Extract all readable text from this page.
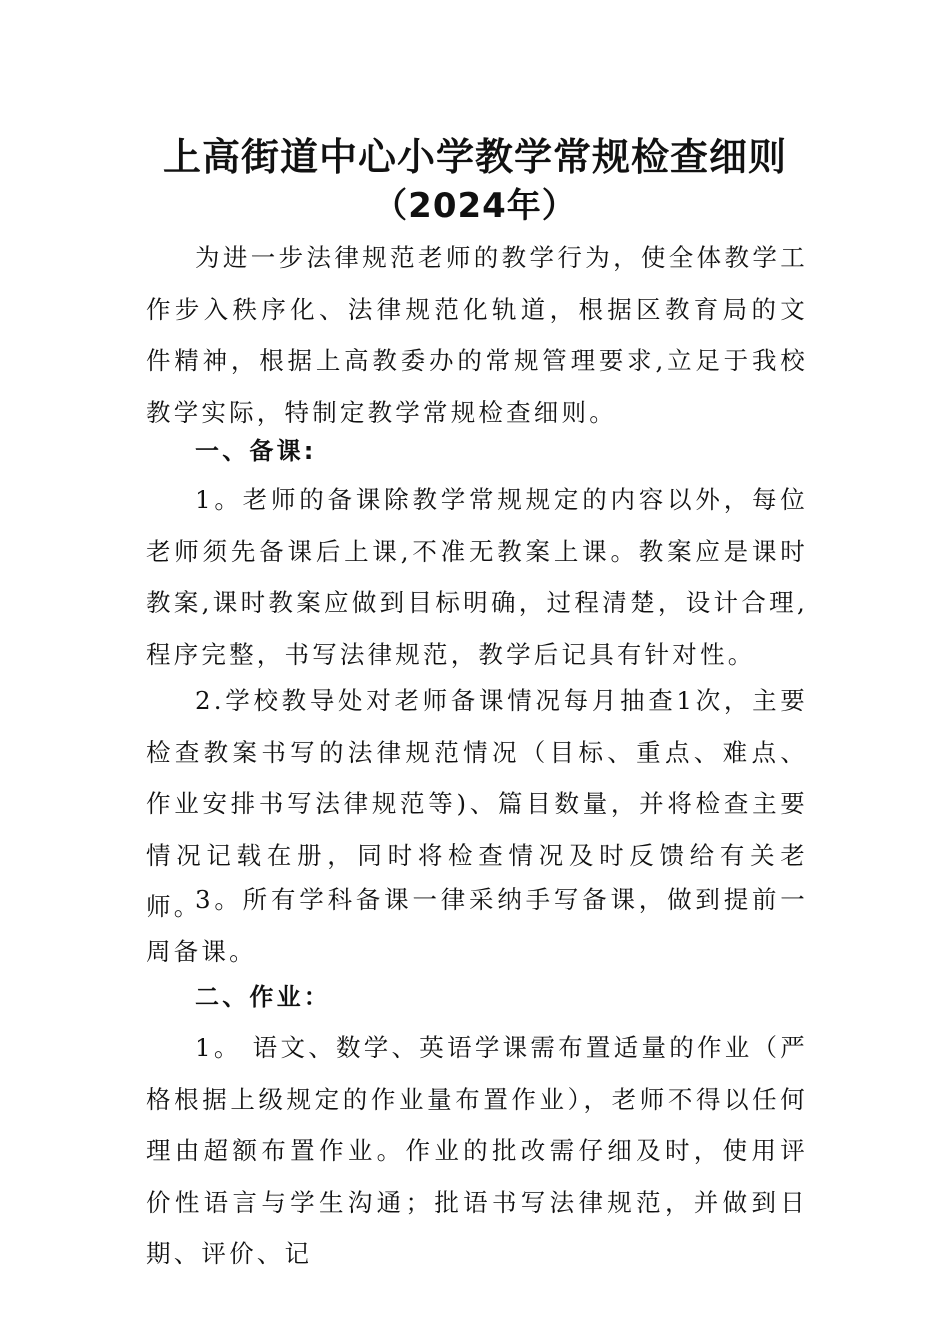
上高街道中心小学教学常规检查细则
（2024年）

为进一步法律规范老师的教学行为，使全体教学工作步入秩序化、法律规范化轨道，根据区教育局的文件精神，根据上高教委办的常规管理要求,立足于我校教学实际，特制定教学常规检查细则。

一、备课:

1。老师的备课除教学常规规定的内容以外，每位老师须先备课后上课,不准无教案上课。教案应是课时教案,课时教案应做到目标明确，过程清楚，设计合理,程序完整，书写法律规范，教学后记具有针对性。

2.学校教导处对老师备课情况每月抽查1次，主要检查教案书写的法律规范情况（目标、重点、难点、作业安排书写法律规范等)、篇目数量，并将检查主要情况记载在册，同时将检查情况及时反馈给有关老师。

3。所有学科备课一律采纳手写备课，做到提前一周备课。

二、作业：

1。 语文、数学、英语学课需布置适量的作业（严格根据上级规定的作业量布置作业），老师不得以任何理由超额布置作业。作业的批改需仔细及时，使用评价性语言与学生沟通；批语书写法律规范，并做到日期、评价、记
